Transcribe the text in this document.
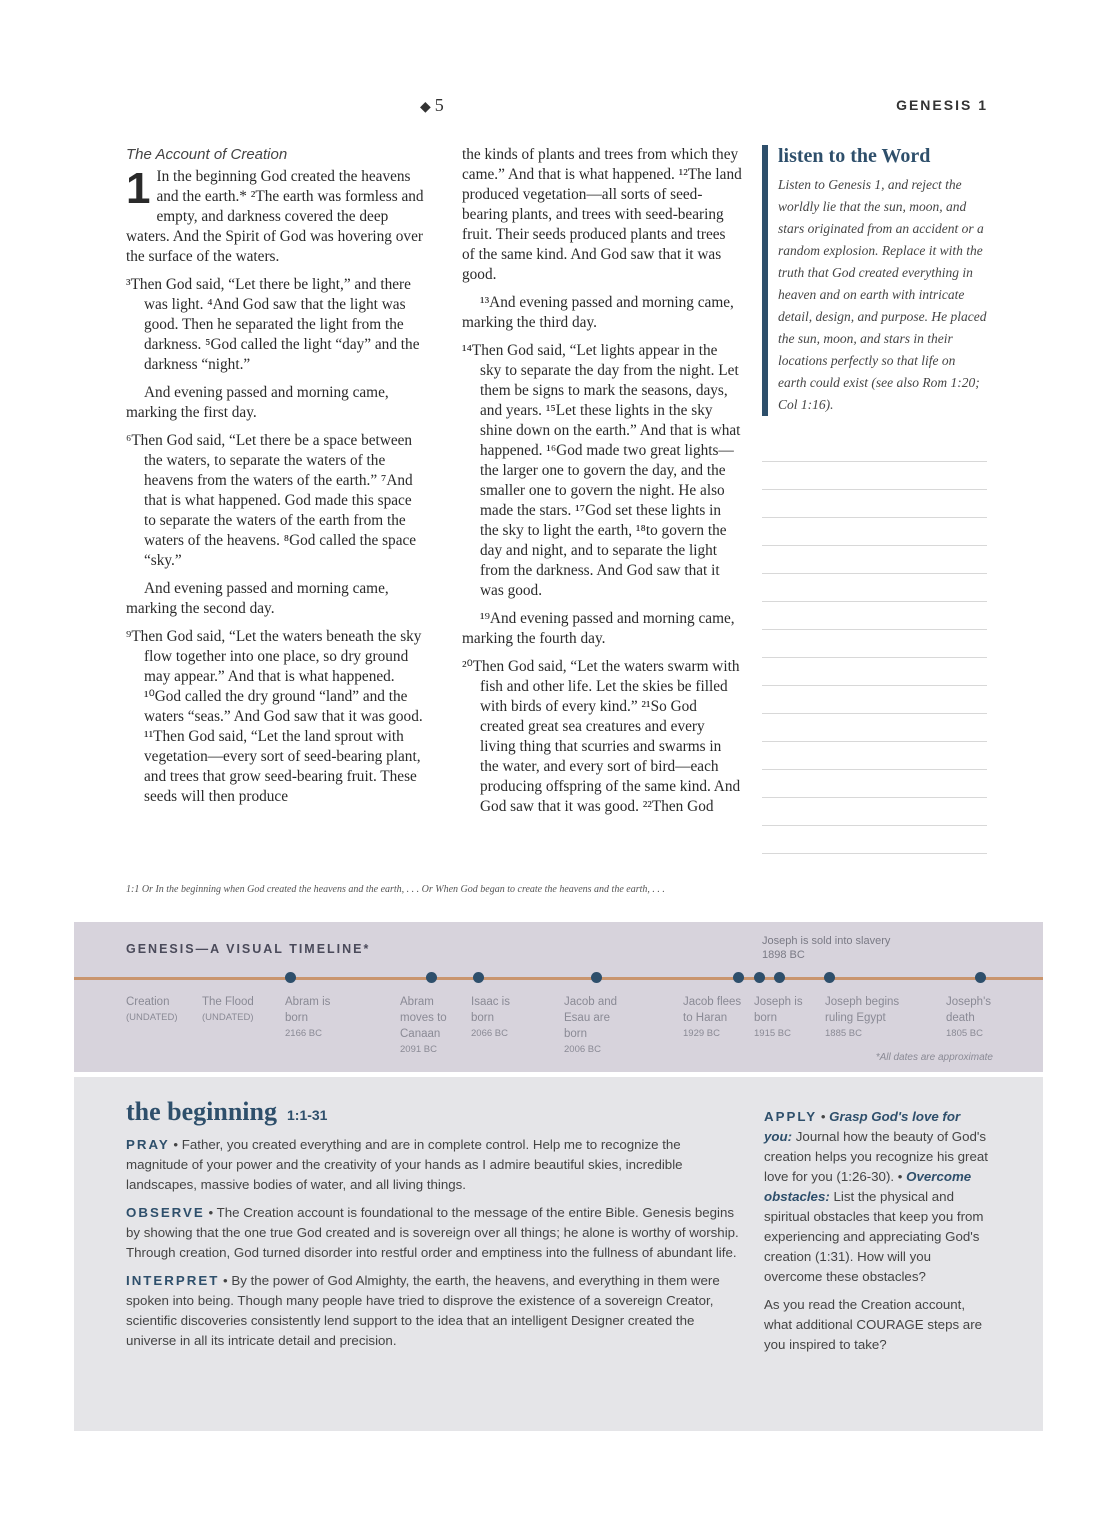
◆ 5	GENESIS 1
The Account of Creation

1 In the beginning God created the heavens and the earth.* ²The earth was formless and empty, and darkness covered the deep waters. And the Spirit of God was hovering over the surface of the waters.

³Then God said, “Let there be light,” and there was light. ⁴And God saw that the light was good. Then he separated the light from the darkness. ⁵God called the light “day” and the darkness “night.”

And evening passed and morning came, marking the first day.

⁶Then God said, “Let there be a space between the waters, to separate the waters of the heavens from the waters of the earth.” ⁷And that is what happened. God made this space to separate the waters of the earth from the waters of the heavens. ⁸God called the space “sky.”

And evening passed and morning came, marking the second day.

⁹Then God said, “Let the waters beneath the sky flow together into one place, so dry ground may appear.” And that is what happened. ¹⁰God called the dry ground “land” and the waters “seas.” And God saw that it was good. ¹¹Then God said, “Let the land sprout with vegetation—every sort of seed-bearing plant, and trees that grow seed-bearing fruit. These seeds will then produce

the kinds of plants and trees from which they came.” And that is what happened. ¹²The land produced vegetation—all sorts of seed-bearing plants, and trees with seed-bearing fruit. Their seeds produced plants and trees of the same kind. And God saw that it was good.

¹³And evening passed and morning came, marking the third day.

¹⁴Then God said, “Let lights appear in the sky to separate the day from the night. Let them be signs to mark the seasons, days, and years. ¹⁵Let these lights in the sky shine down on the earth.” And that is what happened. ¹⁶God made two great lights—the larger one to govern the day, and the smaller one to govern the night. He also made the stars. ¹⁷God set these lights in the sky to light the earth, ¹⁸to govern the day and night, and to separate the light from the darkness. And God saw that it was good.

¹⁹And evening passed and morning came, marking the fourth day.

²⁰Then God said, “Let the waters swarm with fish and other life. Let the skies be filled with birds of every kind.” ²¹So God created great sea creatures and every living thing that scurries and swarms in the water, and every sort of bird—each producing offspring of the same kind. And God saw that it was good. ²²Then God

1:1 Or In the beginning when God created the heavens and the earth, . . . Or When God began to create the heavens and the earth, . . .
listen to the Word
Listen to Genesis 1, and reject the worldly lie that the sun, moon, and stars originated from an accident or a random explosion. Replace it with the truth that God created everything in heaven and on earth with intricate detail, design, and purpose. He placed the sun, moon, and stars in their locations perfectly so that life on earth could exist (see also Rom 1:20; Col 1:16).
GENESIS—A VISUAL TIMELINE*
Joseph is sold into slavery
1898 BC
Creation
(UNDATED)
The Flood
(UNDATED)
Abram is born
2166 BC
Abram moves to Canaan
2091 BC
Isaac is born
2066 BC
Jacob and Esau are born
2006 BC
Jacob flees to Haran
1929 BC
Joseph is born
1915 BC
Joseph begins ruling Egypt
1885 BC
Joseph's death
1805 BC
*All dates are approximate
the beginning 1:1-31

PRAY • Father, you created everything and are in complete control. Help me to recognize the magnitude of your power and the creativity of your hands as I admire beautiful skies, incredible landscapes, massive bodies of water, and all living things.

OBSERVE • The Creation account is foundational to the message of the entire Bible. Genesis begins by showing that the one true God created and is sovereign over all things; he alone is worthy of worship. Through creation, God turned disorder into restful order and emptiness into the fullness of abundant life.

INTERPRET • By the power of God Almighty, the earth, the heavens, and everything in them were spoken into being. Though many people have tried to disprove the existence of a sovereign Creator, scientific discoveries consistently lend support to the idea that an intelligent Designer created the universe in all its intricate detail and precision.

APPLY • Grasp God's love for you: Journal how the beauty of God's creation helps you recognize his great love for you (1:26-30). • Overcome obstacles: List the physical and spiritual obstacles that keep you from experiencing and appreciating God's creation (1:31). How will you overcome these obstacles?

As you read the Creation account, what additional COURAGE steps are you inspired to take?
